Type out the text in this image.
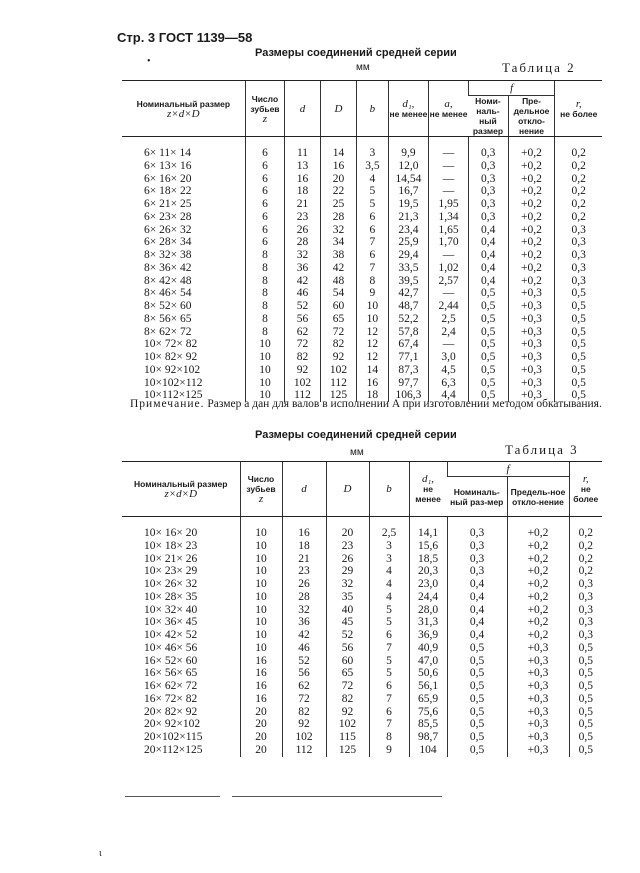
Стр. 3 ГОСТ 1139—58
•
Размеры соединений средней серии
мм	Таблица 2
Номинальный размер
z×d×D	Число зубьев
z	d	D	b	d₁,
не менее	a,
не менее	f		r,
не более
							Номи-наль-ный размер	Пре-дельное откло-нение	
6× 11× 14	6	11	14	3	9,9	—	0,3	+0,2	0,2
6× 13× 16	6	13	16	3,5	12,0	—	0,3	+0,2	0,2
6× 16× 20	6	16	20	4	14,54	—	0,3	+0,2	0,2
6× 18× 22	6	18	22	5	16,7	—	0,3	+0,2	0,2
6× 21× 25	6	21	25	5	19,5	1,95	0,3	+0,2	0,2
6× 23× 28	6	23	28	6	21,3	1,34	0,3	+0,2	0,2
6× 26× 32	6	26	32	6	23,4	1,65	0,4	+0,2	0,3
6× 28× 34	6	28	34	7	25,9	1,70	0,4	+0,2	0,3
8× 32× 38	8	32	38	6	29,4	—	0,4	+0,2	0,3
8× 36× 42	8	36	42	7	33,5	1,02	0,4	+0,2	0,3
8× 42× 48	8	42	48	8	39,5	2,57	0,4	+0,2	0,3
8× 46× 54	8	46	54	9	42,7	—	0,5	+0,3	0,5
8× 52× 60	8	52	60	10	48,7	2,44	0,5	+0,3	0,5
8× 56× 65	8	56	65	10	52,2	2,5	0,5	+0,3	0,5
8× 62× 72	8	62	72	12	57,8	2,4	0,5	+0,3	0,5
10× 72× 82	10	72	82	12	67,4	—	0,5	+0,3	0,5
10× 82× 92	10	82	92	12	77,1	3,0	0,5	+0,3	0,5
10× 92×102	10	92	102	14	87,3	4,5	0,5	+0,3	0,5
10×102×112	10	102	112	16	97,7	6,3	0,5	+0,3	0,5
10×112×125	10	112	125	18	106,3	4,4	0,5	+0,3	0,5
Примечание. Размер a дан для валов в исполнении A при изготовлении методом обкатывания.
Размеры соединений средней серии
мм	Таблица 3
Номинальный размер
z×d×D	Число зубьев
z	d	D	b	d₁,
не менее	f		r,
не более
						Номиналь-ный раз-мер	Предель-ное откло-нение	
10× 16× 20	10	16	20	2,5	14,1	0,3	+0,2	0,2
10× 18× 23	10	18	23	3	15,6	0,3	+0,2	0,2
10× 21× 26	10	21	26	3	18,5	0,3	+0,2	0,2
10× 23× 29	10	23	29	4	20,3	0,3	+0,2	0,2
10× 26× 32	10	26	32	4	23,0	0,4	+0,2	0,3
10× 28× 35	10	28	35	4	24,4	0,4	+0,2	0,3
10× 32× 40	10	32	40	5	28,0	0,4	+0,2	0,3
10× 36× 45	10	36	45	5	31,3	0,4	+0,2	0,3
10× 42× 52	10	42	52	6	36,9	0,4	+0,2	0,3
10× 46× 56	10	46	56	7	40,9	0,5	+0,3	0,5
16× 52× 60	16	52	60	5	47,0	0,5	+0,3	0,5
16× 56× 65	16	56	65	5	50,6	0,5	+0,3	0,5
16× 62× 72	16	62	72	6	56,1	0,5	+0,3	0,5
16× 72× 82	16	72	82	7	65,9	0,5	+0,3	0,5
20× 82× 92	20	82	92	6	75,6	0,5	+0,3	0,5
20× 92×102	20	92	102	7	85,5	0,5	+0,3	0,5
20×102×115	20	102	115	8	98,7	0,5	+0,3	0,5
20×112×125	20	112	125	9	104	0,5	+0,3	0,5
ι
